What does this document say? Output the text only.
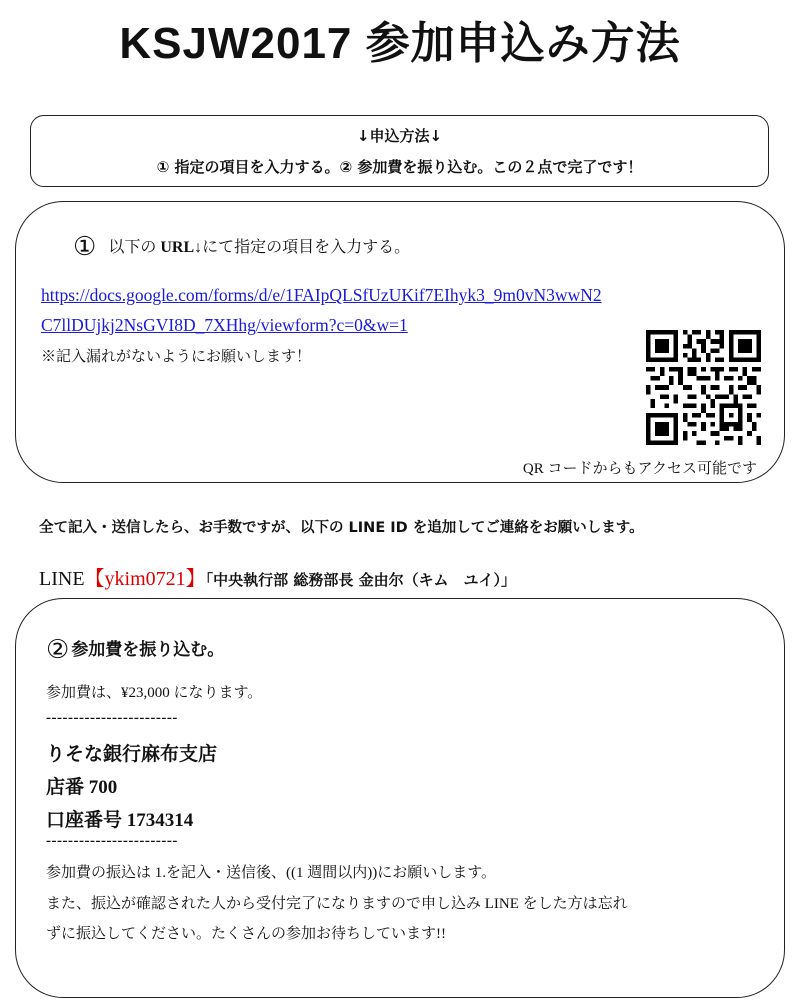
KSJW2017 参加申込み方法
↓申込方法↓
① 指定の項目を入力する。② 参加費を振り込む。この２点で完了です！
① 以下の URL↓にて指定の項目を入力する。
https://docs.google.com/forms/d/e/1FAIpQLSfUzUKif7EIhyk3_9m0vN3wwN2
C7llDUjkj2NsGVI8D_7XHhg/viewform?c=0&w=1
※記入漏れがないようにお願いします！
QR コードからもアクセス可能です
全て記入・送信したら、お手数ですが、以下の LINE ID を追加してご連絡をお願いします。
LINE【ykim0721】「中央執行部 総務部長 金由尔（キム　ユイ）」
② 参加費を振り込む。
参加費は、¥23,000 になります。
------------------------
りそな銀行麻布支店
店番 700
口座番号 1734314
------------------------
参加費の振込は 1.を記入・送信後、((1 週間以内))にお願いします。
また、振込が確認された人から受付完了になりますので申し込み LINE をした方は忘れ
ずに振込してください。たくさんの参加お待ちしています!!
